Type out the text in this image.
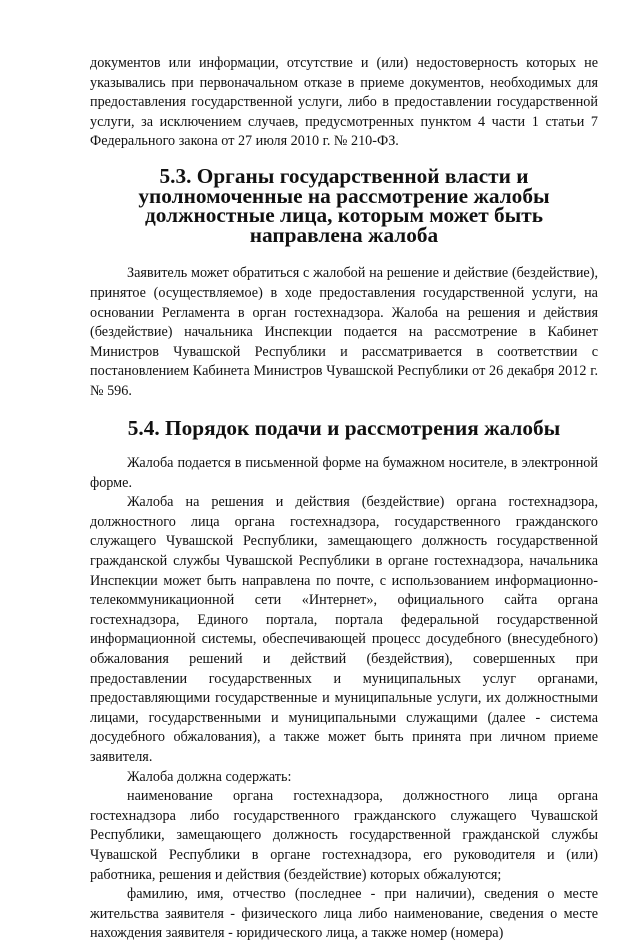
документов или информации, отсутствие и (или) недостоверность которых не указывались при первоначальном отказе в приеме документов, необходимых для предоставления государственной услуги, либо в предоставлении государственной услуги, за исключением случаев, предусмотренных пунктом 4 части 1 статьи 7 Федерального закона от 27 июля 2010 г. № 210-ФЗ.

5.3. Органы государственной власти и уполномоченные на рассмотрение жалобы должностные лица, которым может быть направлена жалоба

Заявитель может обратиться с жалобой на решение и действие (бездействие), принятое (осуществляемое) в ходе предоставления государственной услуги, на основании Регламента в орган гостехнадзора. Жалоба на решения и действия (бездействие) начальника Инспекции подается на рассмотрение в Кабинет Министров Чувашской Республики и рассматривается в соответствии с постановлением Кабинета Министров Чувашской Республики от 26 декабря 2012 г. № 596.

5.4. Порядок подачи и рассмотрения жалобы

Жалоба подается в письменной форме на бумажном носителе, в электронной форме.

Жалоба на решения и действия (бездействие) органа гостехнадзора, должностного лица органа гостехнадзора, государственного гражданского служащего Чувашской Республики, замещающего должность государственной гражданской службы Чувашской Республики в органе гостехнадзора, начальника Инспекции может быть направлена по почте, с использованием информационно-телекоммуникационной сети «Интернет», официального сайта органа гостехнадзора, Единого портала, портала федеральной государственной информационной системы, обеспечивающей процесс досудебного (внесудебного) обжалования решений и действий (бездействия), совершенных при предоставлении государственных и муниципальных услуг органами, предоставляющими государственные и муниципальные услуги, их должностными лицами, государственными и муниципальными служащими (далее - система досудебного обжалования), а также может быть принята при личном приеме заявителя.

Жалоба должна содержать:

наименование органа гостехнадзора, должностного лица органа гостехнадзора либо государственного гражданского служащего Чувашской Республики, замещающего должность государственной гражданской службы Чувашской Республики в органе гостехнадзора, его руководителя и (или) работника, решения и действия (бездействие) которых обжалуются;

фамилию, имя, отчество (последнее - при наличии), сведения о месте жительства заявителя - физического лица либо наименование, сведения о месте нахождения заявителя - юридического лица, а также номер (номера)
